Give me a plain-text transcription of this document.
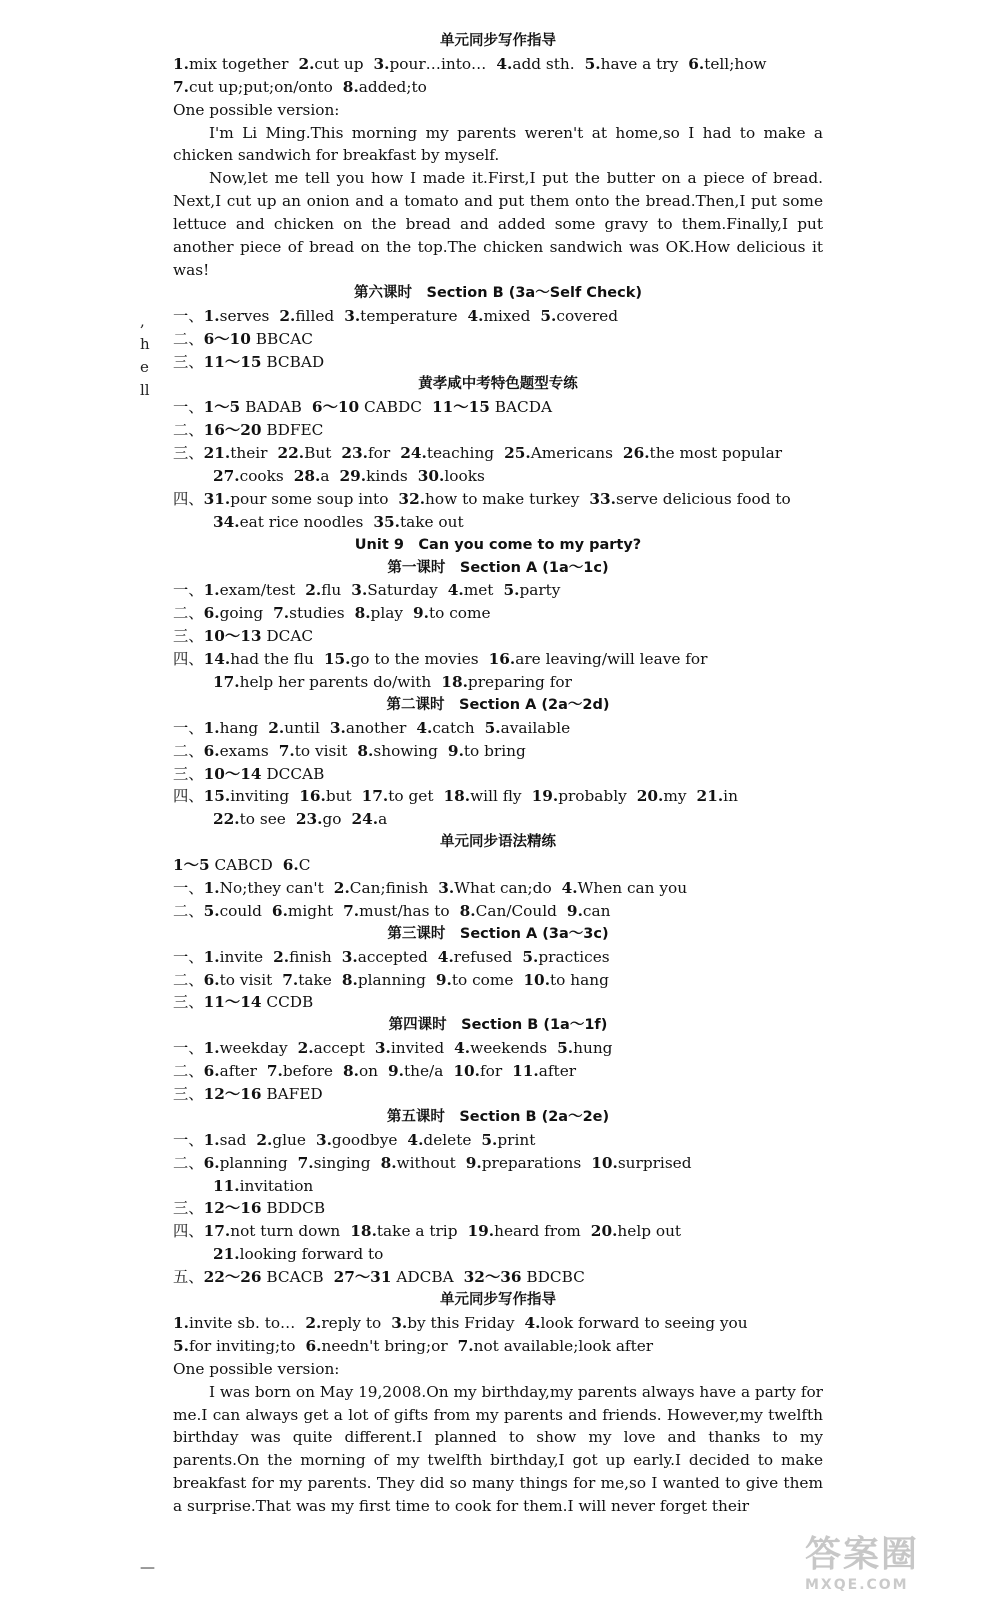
,
h
e
ll
单元同步写作指导
1.mix together 2.cut up 3.pour…into… 4.add sth. 5.have a try 6.tell;how
7.cut up;put;on/onto 8.added;to
One possible version:
I'm Li Ming.This morning my parents weren't at home,so I had to make a chicken sandwich for breakfast by myself.
Now,let me tell you how I made it.First,I put the butter on a piece of bread. Next,I cut up an onion and a tomato and put them onto the bread.Then,I put some lettuce and chicken on the bread and added some gravy to them.Finally,I put another piece of bread on the top.The chicken sandwich was OK.How delicious it was!
第六课时　Section B (3a～Self Check)
一、1.serves 2.filled 3.temperature 4.mixed 5.covered
二、6～10 BBCAC
三、11～15 BCBAD
黄孝咸中考特色题型专练
一、1～5 BADAB 6～10 CABDC 11～15 BACDA
二、16～20 BDFEC
三、21.their 22.But 23.for 24.teaching 25.Americans 26.the most popular
27.cooks 28.a 29.kinds 30.looks
四、31.pour some soup into 32.how to make turkey 33.serve delicious food to
34.eat rice noodles 35.take out
Unit 9　Can you come to my party?
第一课时　Section A (1a～1c)
一、1.exam/test 2.flu 3.Saturday 4.met 5.party
二、6.going 7.studies 8.play 9.to come
三、10～13 DCAC
四、14.had the flu 15.go to the movies 16.are leaving/will leave for
17.help her parents do/with 18.preparing for
第二课时　Section A (2a～2d)
一、1.hang 2.until 3.another 4.catch 5.available
二、6.exams 7.to visit 8.showing 9.to bring
三、10～14 DCCAB
四、15.inviting 16.but 17.to get 18.will fly 19.probably 20.my 21.in
22.to see 23.go 24.a
单元同步语法精练
1～5 CABCD 6.C
一、1.No;they can't 2.Can;finish 3.What can;do 4.When can you
二、5.could 6.might 7.must/has to 8.Can/Could 9.can
第三课时　Section A (3a～3c)
一、1.invite 2.finish 3.accepted 4.refused 5.practices
二、6.to visit 7.take 8.planning 9.to come 10.to hang
三、11～14 CCDB
第四课时　Section B (1a～1f)
一、1.weekday 2.accept 3.invited 4.weekends 5.hung
二、6.after 7.before 8.on 9.the/a 10.for 11.after
三、12～16 BAFED
第五课时　Section B (2a～2e)
一、1.sad 2.glue 3.goodbye 4.delete 5.print
二、6.planning 7.singing 8.without 9.preparations 10.surprised
11.invitation
三、12～16 BDDCB
四、17.not turn down 18.take a trip 19.heard from 20.help out
21.looking forward to
五、22～26 BCACB 27～31 ADCBA 32～36 BDCBC
单元同步写作指导
1.invite sb. to… 2.reply to 3.by this Friday 4.look forward to seeing you
5.for inviting;to 6.needn't bring;or 7.not available;look after
One possible version:
I was born on May 19,2008.On my birthday,my parents always have a party for me.I can always get a lot of gifts from my parents and friends. However,my twelfth birthday was quite different.I planned to show my love and thanks to my parents.On the morning of my twelfth birthday,I got up early.I decided to make breakfast for my parents. They did so many things for me,so I wanted to give them a surprise.That was my first time to cook for them.I will never forget their
—	答案圈
MXQE.COM
